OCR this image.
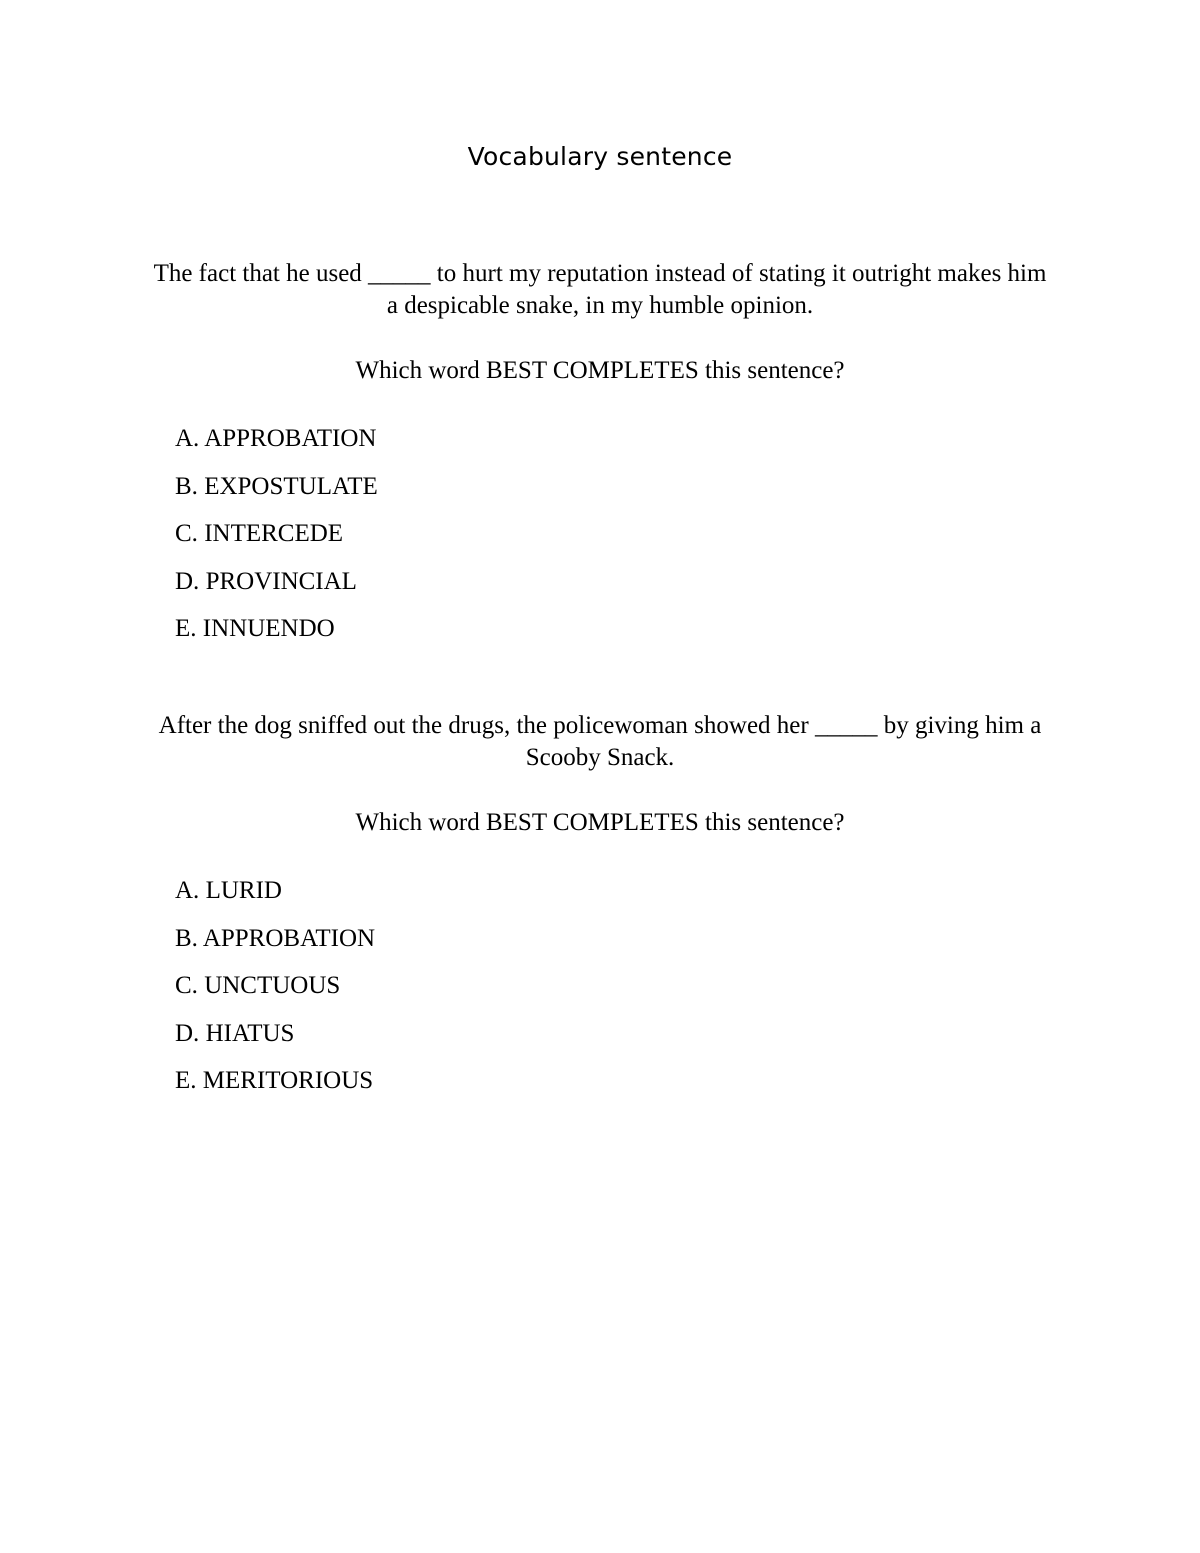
Vocabulary sentence

The fact that he used _____ to hurt my reputation instead of stating it outright makes him a despicable snake, in my humble opinion.

Which word BEST COMPLETES this sentence?

A. APPROBATION
B. EXPOSTULATE
C. INTERCEDE
D. PROVINCIAL
E. INNUENDO

After the dog sniffed out the drugs, the policewoman showed her _____ by giving him a Scooby Snack.

Which word BEST COMPLETES this sentence?

A. LURID
B. APPROBATION
C. UNCTUOUS
D. HIATUS
E. MERITORIOUS
